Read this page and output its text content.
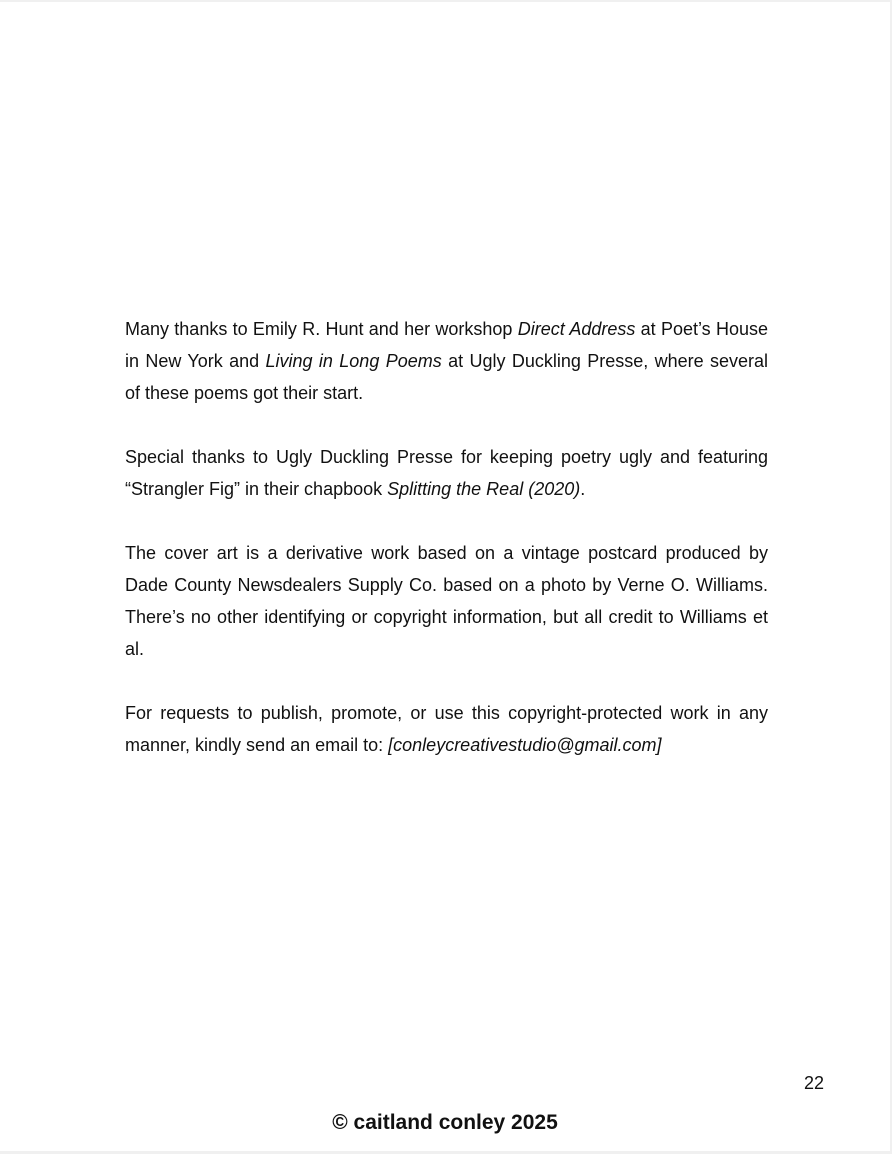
Many thanks to Emily R. Hunt and her workshop Direct Address at Poet’s House in New York and Living in Long Poems at Ugly Duckling Presse, where several of these poems got their start.

Special thanks to Ugly Duckling Presse for keeping poetry ugly and featuring “Strangler Fig” in their chapbook Splitting the Real (2020).

The cover art is a derivative work based on a vintage postcard produced by Dade County Newsdealers Supply Co. based on a photo by Verne O. Williams. There’s no other identifying or copyright information, but all credit to Williams et al.

For requests to publish, promote, or use this copyright-protected work in any manner, kindly send an email to: [conleycreativestudio@gmail.com]

22
© caitland conley 2025
